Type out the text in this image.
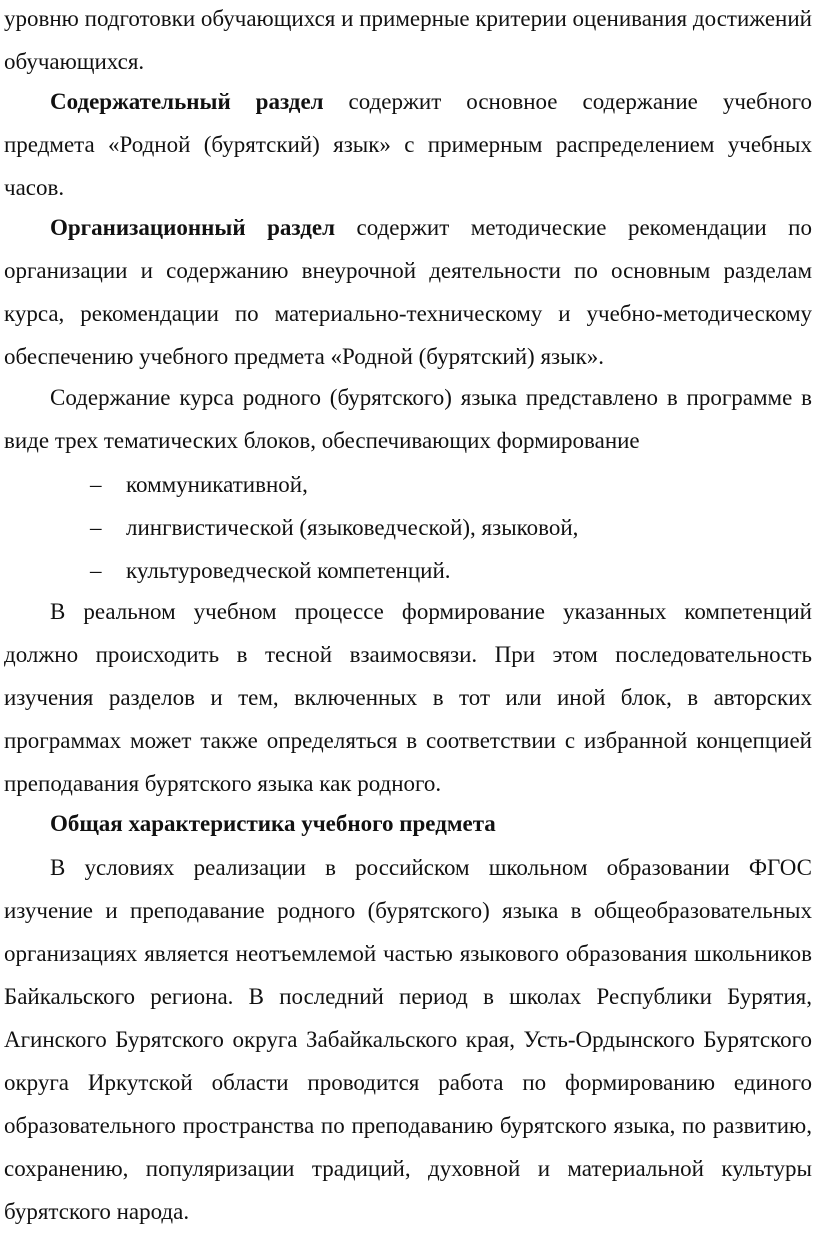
уровню подготовки обучающихся и примерные критерии оценивания достижений обучающихся.

Содержательный раздел содержит основное содержание учебного предмета «Родной (бурятский) язык» с примерным распределением учебных часов.

Организационный раздел содержит методические рекомендации по организации и содержанию внеурочной деятельности по основным разделам курса, рекомендации по материально-техническому и учебно-методическому обеспечению учебного предмета «Родной (бурятский) язык».

Содержание курса родного (бурятского) языка представлено в программе в виде трех тематических блоков, обеспечивающих формирование

– коммуникативной,

– лингвистической (языковедческой), языковой,

– культуроведческой компетенций.

В реальном учебном процессе формирование указанных компетенций должно происходить в тесной взаимосвязи. При этом последовательность изучения разделов и тем, включенных в тот или иной блок, в авторских программах может также определяться в соответствии с избранной концепцией преподавания бурятского языка как родного.

Общая характеристика учебного предмета

В условиях реализации в российском школьном образовании ФГОС изучение и преподавание родного (бурятского) языка в общеобразовательных организациях является неотъемлемой частью языкового образования школьников Байкальского региона. В последний период в школах Республики Бурятия, Агинского Бурятского округа Забайкальского края, Усть-Ордынского Бурятского округа Иркутской области проводится работа по формированию единого образовательного пространства по преподаванию бурятского языка, по развитию, сохранению, популяризации традиций, духовной и материальной культуры бурятского народа.
